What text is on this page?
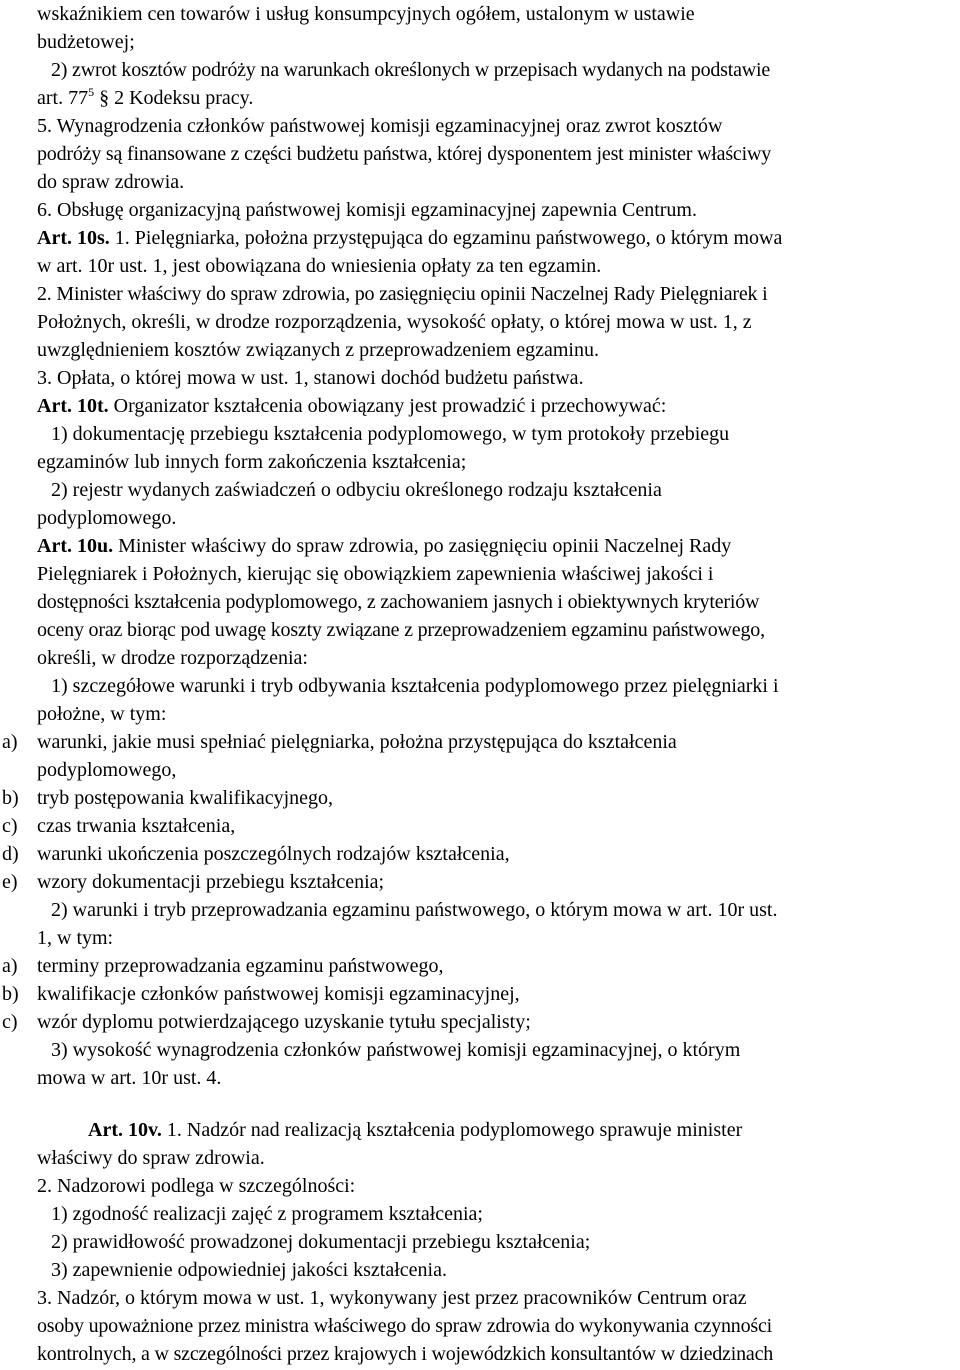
wskaźnikiem cen towarów i usług konsumpcyjnych ogółem, ustalonym w ustawie
budżetowej;
2) zwrot kosztów podróży na warunkach określonych w przepisach wydanych na podstawie
art. $77^5$ § 2 Kodeksu pracy.
5. Wynagrodzenia członków państwowej komisji egzaminacyjnej oraz zwrot kosztów
podróży są finansowane z części budżetu państwa, której dysponentem jest minister właściwy
do spraw zdrowia.
6. Obsługę organizacyjną państwowej komisji egzaminacyjnej zapewnia Centrum.
Art. 10s. 1. Pielęgniarka, położna przystępująca do egzaminu państwowego, o którym mowa
w art. 10r ust. 1, jest obowiązana do wniesienia opłaty za ten egzamin.
2. Minister właściwy do spraw zdrowia, po zasięgnięciu opinii Naczelnej Rady Pielęgniarek i
Położnych, określi, w drodze rozporządzenia, wysokość opłaty, o której mowa w ust. 1, z
uwzględnieniem kosztów związanych z przeprowadzeniem egzaminu.
3. Opłata, o której mowa w ust. 1, stanowi dochód budżetu państwa.
Art. 10t. Organizator kształcenia obowiązany jest prowadzić i przechowywać:
1) dokumentację przebiegu kształcenia podyplomowego, w tym protokoły przebiegu
egzaminów lub innych form zakończenia kształcenia;
2) rejestr wydanych zaświadczeń o odbyciu określonego rodzaju kształcenia
podyplomowego.
Art. 10u. Minister właściwy do spraw zdrowia, po zasięgnięciu opinii Naczelnej Rady
Pielęgniarek i Położnych, kierując się obowiązkiem zapewnienia właściwej jakości i
dostępności kształcenia podyplomowego, z zachowaniem jasnych i obiektywnych kryteriów
oceny oraz biorąc pod uwagę koszty związane z przeprowadzeniem egzaminu państwowego,
określi, w drodze rozporządzenia:
1) szczegółowe warunki i tryb odbywania kształcenia podyplomowego przez pielęgniarki i
położne, w tym:
a) warunki, jakie musi spełniać pielęgniarka, położna przystępująca do kształcenia
podyplomowego,
b) tryb postępowania kwalifikacyjnego,
c) czas trwania kształcenia,
d) warunki ukończenia poszczególnych rodzajów kształcenia,
e) wzory dokumentacji przebiegu kształcenia;
2) warunki i tryb przeprowadzania egzaminu państwowego, o którym mowa w art. 10r ust.
1, w tym:
a) terminy przeprowadzania egzaminu państwowego,
b) kwalifikacje członków państwowej komisji egzaminacyjnej,
c) wzór dyplomu potwierdzającego uzyskanie tytułu specjalisty;
3) wysokość wynagrodzenia członków państwowej komisji egzaminacyjnej, o którym
mowa w art. 10r ust. 4.
Art. 10v. 1. Nadzór nad realizacją kształcenia podyplomowego sprawuje minister
właściwy do spraw zdrowia.
2. Nadzorowi podlega w szczególności:
1) zgodność realizacji zajęć z programem kształcenia;
2) prawidłowość prowadzonej dokumentacji przebiegu kształcenia;
3) zapewnienie odpowiedniej jakości kształcenia.
3. Nadzór, o którym mowa w ust. 1, wykonywany jest przez pracowników Centrum oraz
osoby upoważnione przez ministra właściwego do spraw zdrowia do wykonywania czynności
kontrolnych, a w szczególności przez krajowych i wojewódzkich konsultantów w dziedzinach
